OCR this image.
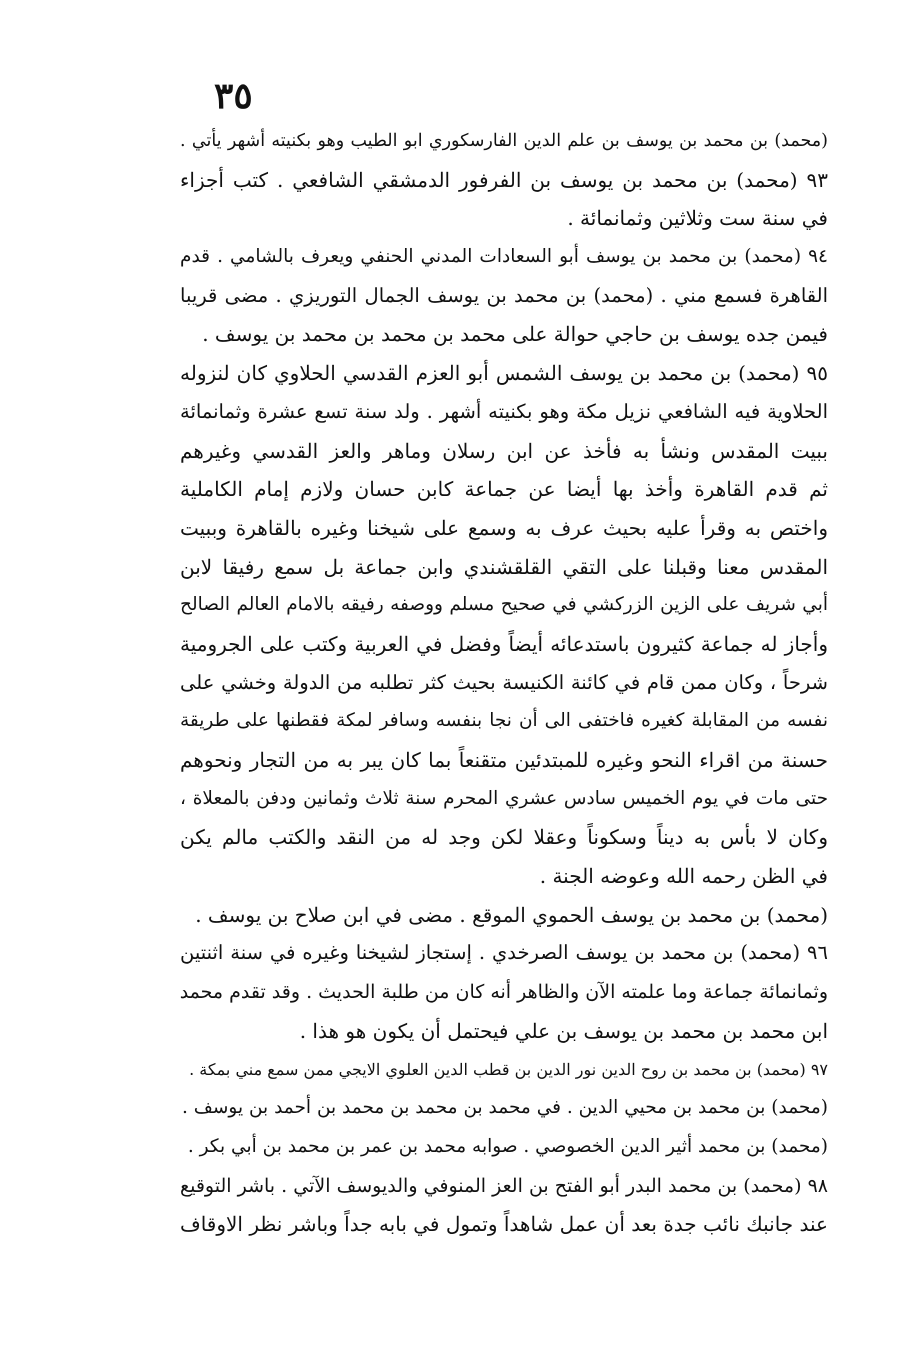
٣٥
(محمد) بن محمد بن يوسف بن علم الدين الفارسكوري ابو الطيب وهو بكنيته أشهر يأتي .
٩٣ (محمد) بن محمد بن يوسف بن الفرفور الدمشقي الشافعي . كتب أجزاء
في سنة ست وثلاثين وثمانمائة .
٩٤ (محمد) بن محمد بن يوسف أبو السعادات المدني الحنفي ويعرف بالشامي . قدم
القاهرة فسمع مني . (محمد) بن محمد بن يوسف الجمال التوريزي . مضى قريبا
فيمن جده يوسف بن حاجي حوالة على محمد بن محمد بن محمد بن يوسف .
٩٥ (محمد) بن محمد بن يوسف الشمس أبو العزم القدسي الحلاوي كان لنزوله
الحلاوية فيه الشافعي نزيل مكة وهو بكنيته أشهر . ولد سنة تسع عشرة وثمانمائة
ببيت المقدس ونشأ به فأخذ عن ابن رسلان وماهر والعز القدسي وغيرهم
ثم قدم القاهرة وأخذ بها أيضا عن جماعة كابن حسان ولازم إمام الكاملية
واختص به وقرأ عليه بحيث عرف به وسمع على شيخنا وغيره بالقاهرة وببيت
المقدس معنا وقبلنا على التقي القلقشندي وابن جماعة بل سمع رفيقا لابن
أبي شريف على الزين الزركشي في صحيح مسلم ووصفه رفيقه بالامام العالم الصالح
وأجاز له جماعة كثيرون باستدعائه أيضاً وفضل في العربية وكتب على الجرومية
شرحاً ، وكان ممن قام في كائنة الكنيسة بحيث كثر تطلبه من الدولة وخشي على
نفسه من المقابلة كغيره فاختفى الى أن نجا بنفسه وسافر لمكة فقطنها على طريقة
حسنة من اقراء النحو وغيره للمبتدئين متقنعاً بما كان يبر به من التجار ونحوهم
حتى مات في يوم الخميس سادس عشري المحرم سنة ثلاث وثمانين ودفن بالمعلاة ،
وكان لا بأس به ديناً وسكوناً وعقلا لكن وجد له من النقد والكتب مالم يكن
في الظن رحمه الله وعوضه الجنة .
(محمد) بن محمد بن يوسف الحموي الموقع . مضى في ابن صلاح بن يوسف .
٩٦ (محمد) بن محمد بن يوسف الصرخدي . إستجاز لشيخنا وغيره في سنة اثنتين
وثمانمائة جماعة وما علمته الآن والظاهر أنه كان من طلبة الحديث . وقد تقدم محمد
ابن محمد بن محمد بن يوسف بن علي فيحتمل أن يكون هو هذا .
٩٧ (محمد) بن محمد بن روح الدين نور الدين بن قطب الدين العلوي الايجي ممن سمع مني بمكة .
(محمد) بن محمد بن محيي الدين . في محمد بن محمد بن محمد بن أحمد بن يوسف .
(محمد) بن محمد أثير الدين الخصوصي . صوابه محمد بن عمر بن محمد بن أبي بكر .
٩٨ (محمد) بن محمد البدر أبو الفتح بن العز المنوفي والديوسف الآتي . باشر التوقيع
عند جانبك نائب جدة بعد أن عمل شاهداً وتمول في بابه جداً وباشر نظر الاوقاف
